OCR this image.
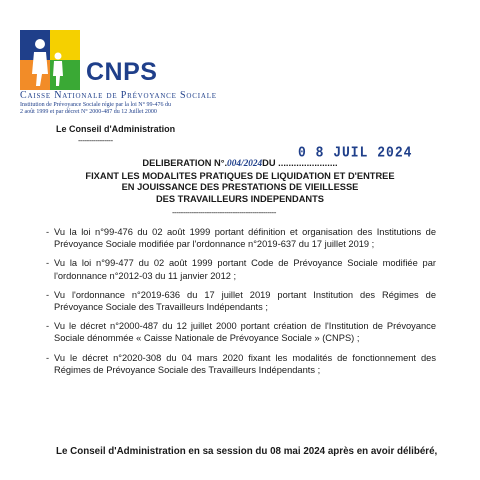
CNPS
Caisse Nationale de Prévoyance Sociale
Institution de Prévoyance Sociale régie par la loi N° 99-476 du
2 août 1999 et par décret N° 2000-487 du 12 Juillet 2000
Le Conseil d'Administration
----------------
0 8 JUIL 2024
DELIBERATION N°.004/2024DU .......................
FIXANT LES MODALITES PRATIQUES DE LIQUIDATION ET D'ENTREE
EN JOUISSANCE DES PRESTATIONS DE VIEILLESSE
DES TRAVAILLEURS INDEPENDANTS
------------------------------------------------
- Vu la loi n°99-476 du 02 août 1999 portant définition et organisation des Institutions de Prévoyance Sociale modifiée par l'ordonnance n°2019-637 du 17 juillet 2019 ;
- Vu la loi n°99-477 du 02 août 1999 portant Code de Prévoyance Sociale modifiée par l'ordonnance n°2012-03 du 11 janvier 2012 ;
- Vu l'ordonnance n°2019-636 du 17 juillet 2019 portant Institution des Régimes de Prévoyance Sociale des Travailleurs Indépendants ;
- Vu le décret n°2000-487 du 12 juillet 2000 portant création de l'Institution de Prévoyance Sociale dénommée « Caisse Nationale de Prévoyance Sociale » (CNPS) ;
- Vu le décret n°2020-308 du 04 mars 2020 fixant les modalités de fonctionnement des Régimes de Prévoyance Sociale des Travailleurs Indépendants ;
Le Conseil d'Administration en sa session du 08 mai 2024 après en avoir délibéré,
